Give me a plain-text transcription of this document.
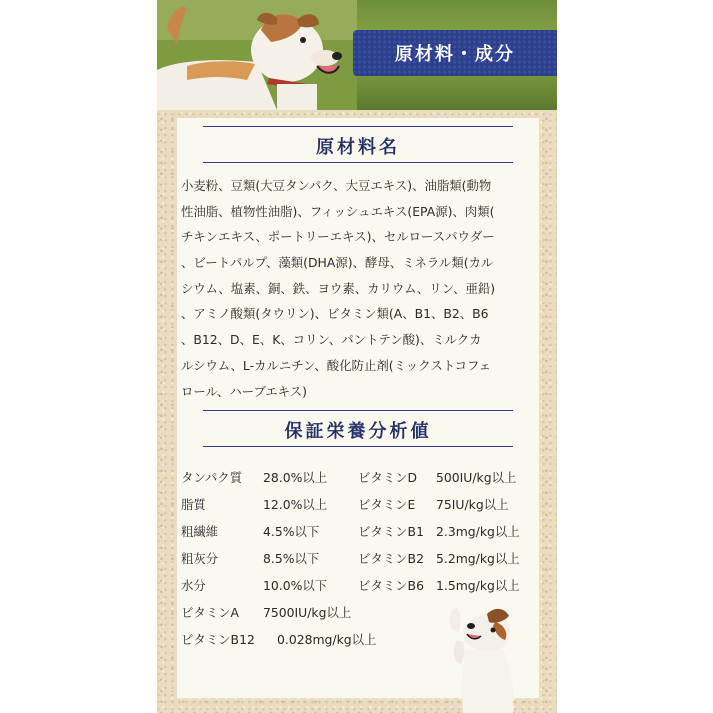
原材料・成分
原材料名
小麦粉、豆類(大豆タンパク、大豆エキス)、油脂類(動物
性油脂、植物性油脂)、フィッシュエキス(EPA源)、肉類(
チキンエキス、ポートリーエキス)、セルロースパウダー
、ビートパルプ、藻類(DHA源)、酵母、ミネラル類(カル
シウム、塩素、銅、鉄、ヨウ素、カリウム、リン、亜鉛)
、アミノ酸類(タウリン)、ビタミン類(A、B1、B2、B6
、B12、D、E、K、コリン、パントテン酸)、ミルクカ
ルシウム、L-カルニチン、酸化防止剤(ミックストコフェ
ロール、ハーブエキス)
保証栄養分析値
タンパク質 28.0%以上 ビタミンD 500IU/kg以上
脂質	12.0%以上 ビタミンE 75IU/kg以上
粗繊維	4.5%以下	ビタミンB1 2.3mg/kg以上
粗灰分	8.5%以下	ビタミンB2 5.2mg/kg以上
水分	10.0%以下 ビタミンB6 1.5mg/kg以上
ビタミンA 7500IU/kg以上
ビタミンB12 0.028mg/kg以上
